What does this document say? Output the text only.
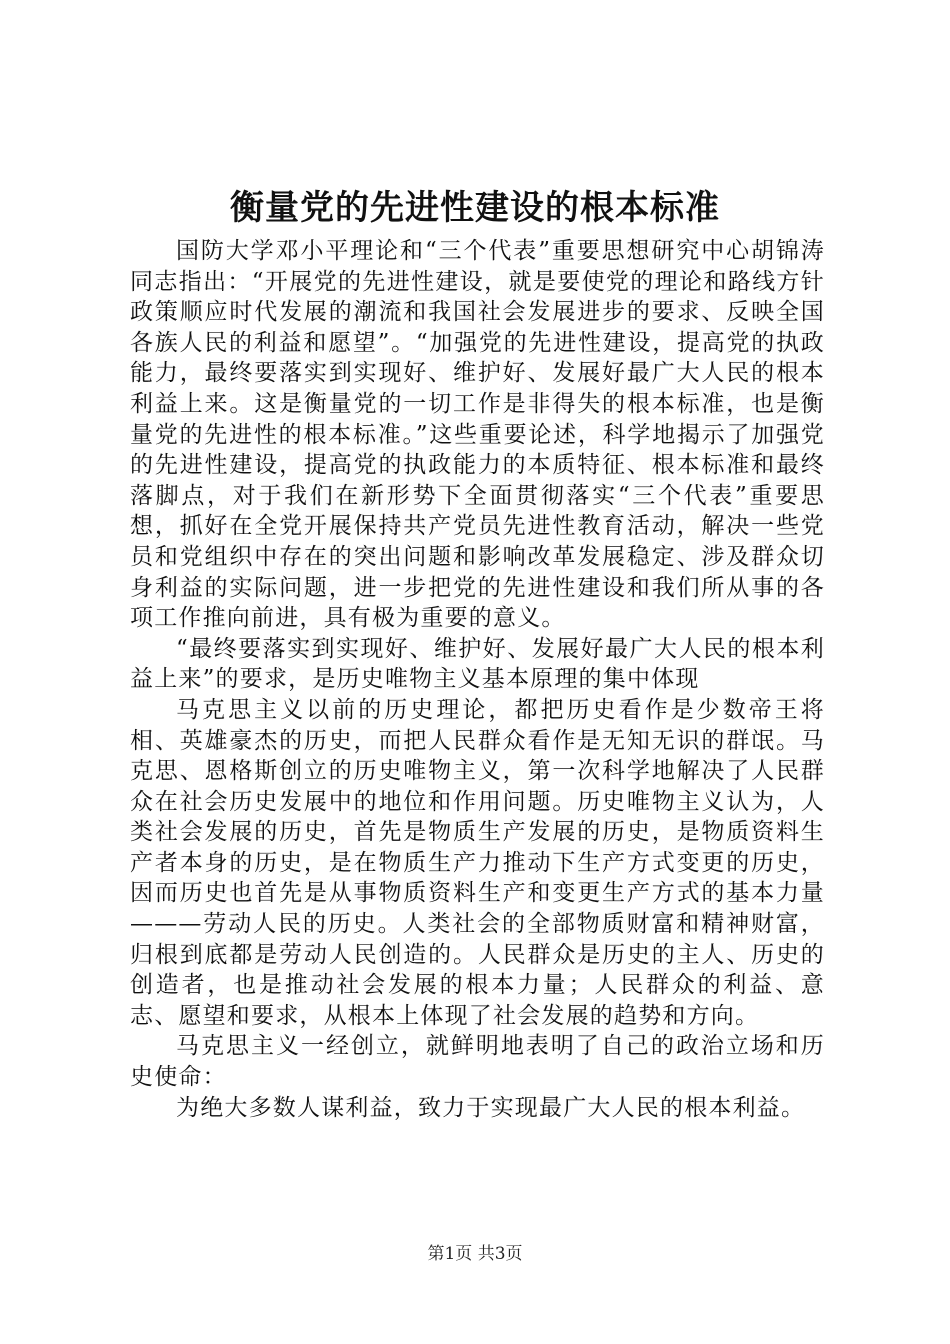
衡量党的先进性建设的根本标准

国防大学邓小平理论和“三个代表”重要思想研究中心胡锦涛同志指出：“开展党的先进性建设，就是要使党的理论和路线方针政策顺应时代发展的潮流和我国社会发展进步的要求、反映全国各族人民的利益和愿望”。“加强党的先进性建设，提高党的执政能力，最终要落实到实现好、维护好、发展好最广大人民的根本利益上来。这是衡量党的一切工作是非得失的根本标准，也是衡量党的先进性的根本标准。”这些重要论述，科学地揭示了加强党的先进性建设，提高党的执政能力的本质特征、根本标准和最终落脚点，对于我们在新形势下全面贯彻落实“三个代表”重要思想，抓好在全党开展保持共产党员先进性教育活动，解决一些党员和党组织中存在的突出问题和影响改革发展稳定、涉及群众切身利益的实际问题，进一步把党的先进性建设和我们所从事的各项工作推向前进，具有极为重要的意义。

“最终要落实到实现好、维护好、发展好最广大人民的根本利益上来”的要求，是历史唯物主义基本原理的集中体现

马克思主义以前的历史理论，都把历史看作是少数帝王将相、英雄豪杰的历史，而把人民群众看作是无知无识的群氓。马克思、恩格斯创立的历史唯物主义，第一次科学地解决了人民群众在社会历史发展中的地位和作用问题。历史唯物主义认为，人类社会发展的历史，首先是物质生产发展的历史，是物质资料生产者本身的历史，是在物质生产力推动下生产方式变更的历史，因而历史也首先是从事物质资料生产和变更生产方式的基本力量———劳动人民的历史。人类社会的全部物质财富和精神财富，归根到底都是劳动人民创造的。人民群众是历史的主人、历史的创造者，也是推动社会发展的根本力量；人民群众的利益、意志、愿望和要求，从根本上体现了社会发展的趋势和方向。

马克思主义一经创立，就鲜明地表明了自己的政治立场和历史使命：

为绝大多数人谋利益，致力于实现最广大人民的根本利益。

第1页 共3页
